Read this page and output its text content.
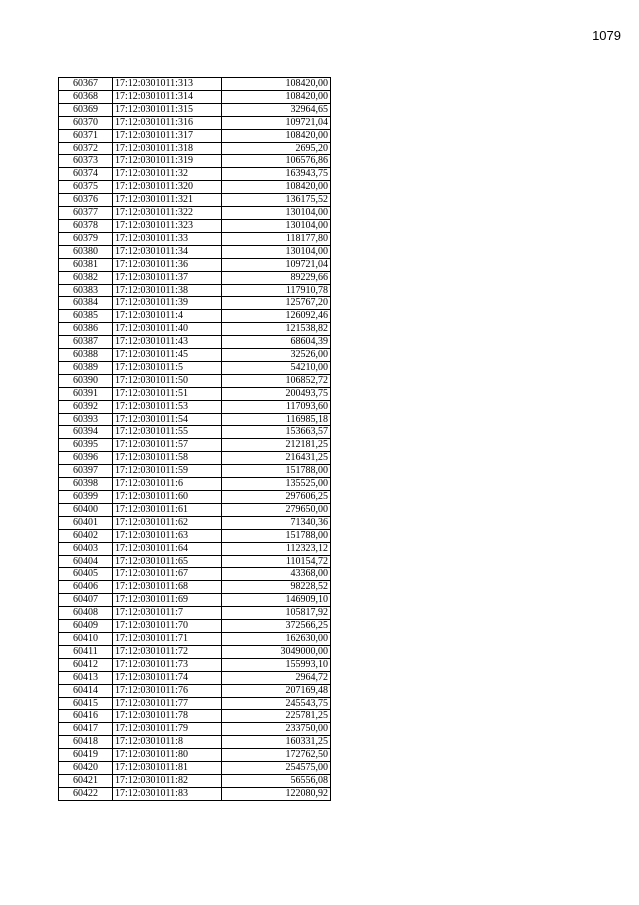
1079
60367	17:12:0301011:313	108420,00
60368	17:12:0301011:314	108420,00
60369	17:12:0301011:315	32964,65
60370	17:12:0301011:316	109721,04
60371	17:12:0301011:317	108420,00
60372	17:12:0301011:318	2695,20
60373	17:12:0301011:319	106576,86
60374	17:12:0301011:32	163943,75
60375	17:12:0301011:320	108420,00
60376	17:12:0301011:321	136175,52
60377	17:12:0301011:322	130104,00
60378	17:12:0301011:323	130104,00
60379	17:12:0301011:33	118177,80
60380	17:12:0301011:34	130104,00
60381	17:12:0301011:36	109721,04
60382	17:12:0301011:37	89229,66
60383	17:12:0301011:38	117910,78
60384	17:12:0301011:39	125767,20
60385	17:12:0301011:4	126092,46
60386	17:12:0301011:40	121538,82
60387	17:12:0301011:43	68604,39
60388	17:12:0301011:45	32526,00
60389	17:12:0301011:5	54210,00
60390	17:12:0301011:50	106852,72
60391	17:12:0301011:51	200493,75
60392	17:12:0301011:53	117093,60
60393	17:12:0301011:54	116985,18
60394	17:12:0301011:55	153663,57
60395	17:12:0301011:57	212181,25
60396	17:12:0301011:58	216431,25
60397	17:12:0301011:59	151788,00
60398	17:12:0301011:6	135525,00
60399	17:12:0301011:60	297606,25
60400	17:12:0301011:61	279650,00
60401	17:12:0301011:62	71340,36
60402	17:12:0301011:63	151788,00
60403	17:12:0301011:64	112323,12
60404	17:12:0301011:65	110154,72
60405	17:12:0301011:67	43368,00
60406	17:12:0301011:68	98228,52
60407	17:12:0301011:69	146909,10
60408	17:12:0301011:7	105817,92
60409	17:12:0301011:70	372566,25
60410	17:12:0301011:71	162630,00
60411	17:12:0301011:72	3049000,00
60412	17:12:0301011:73	155993,10
60413	17:12:0301011:74	2964,72
60414	17:12:0301011:76	207169,48
60415	17:12:0301011:77	245543,75
60416	17:12:0301011:78	225781,25
60417	17:12:0301011:79	233750,00
60418	17:12:0301011:8	160331,25
60419	17:12:0301011:80	172762,50
60420	17:12:0301011:81	254575,00
60421	17:12:0301011:82	56556,08
60422	17:12:0301011:83	122080,92
